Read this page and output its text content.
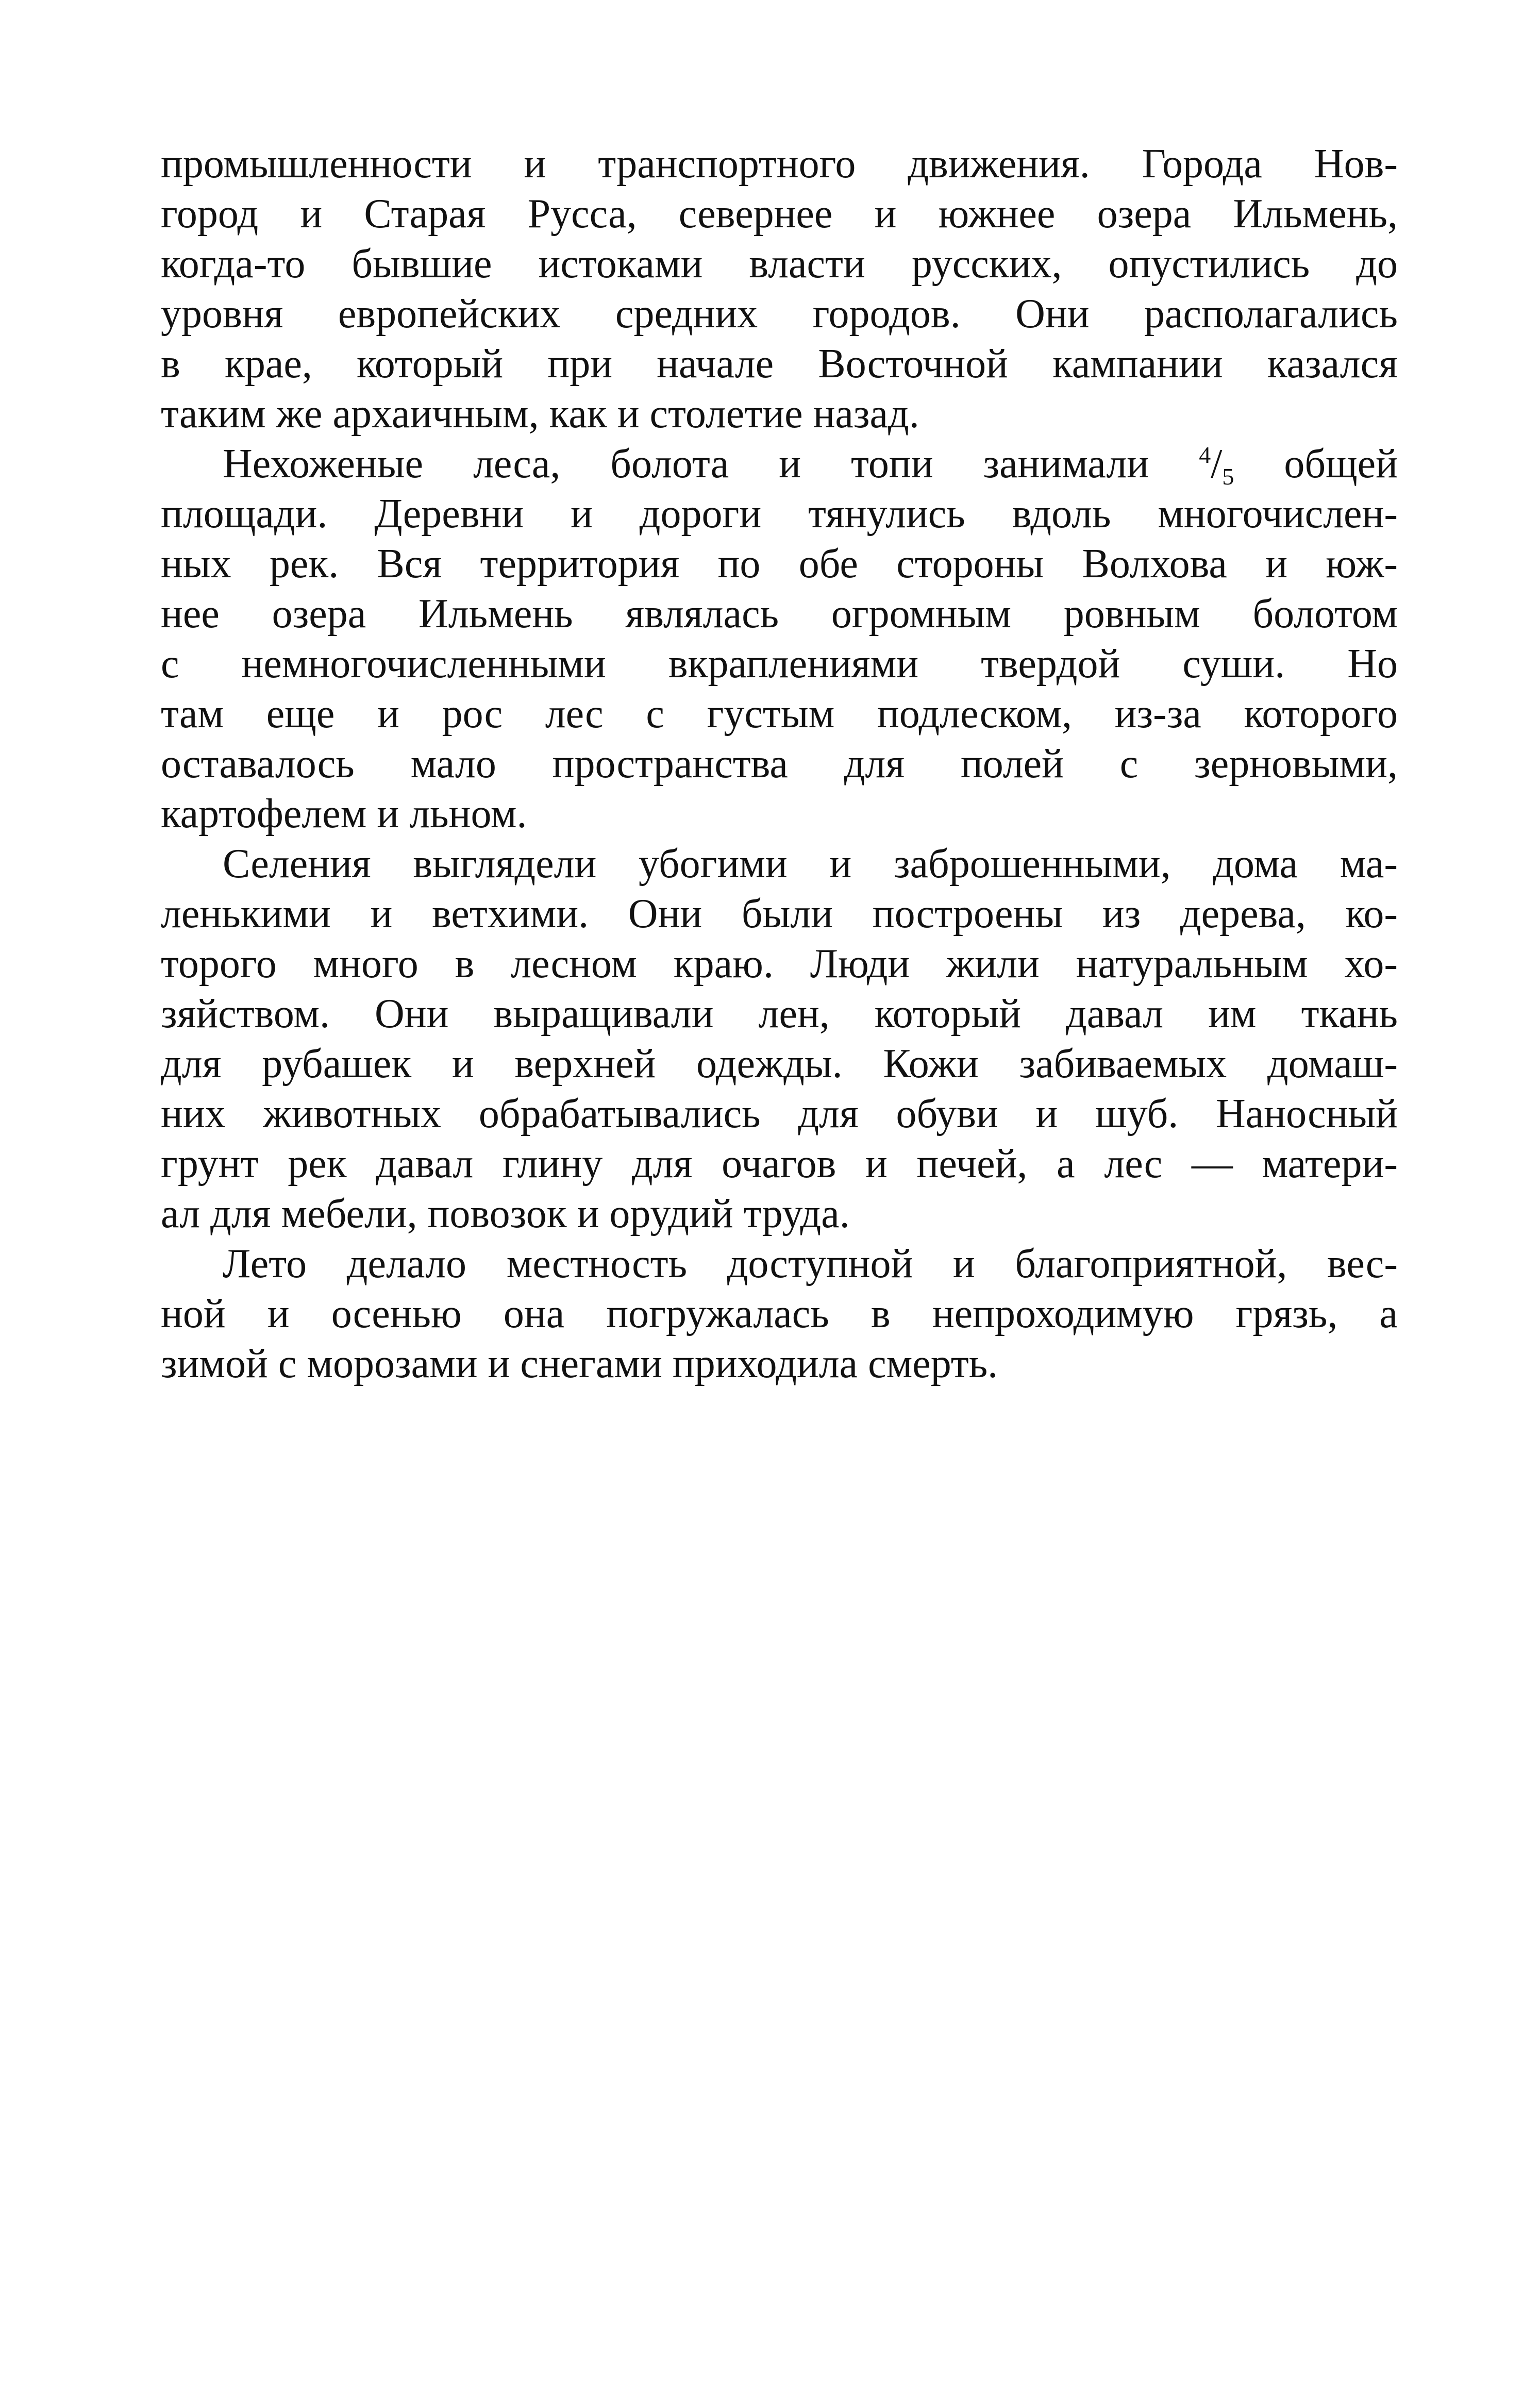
промышленности и транспортного движения. Города Нов-
город и Старая Русса, севернее и южнее озера Ильмень,
когда-то бывшие истоками власти русских, опустились до
уровня европейских средних городов. Они располагались
в крае, который при начале Восточной кампании казался
таким же архаичным, как и столетие назад.
Нехоженые леса, болота и топи занимали $^4/_5$ общей
площади. Деревни и дороги тянулись вдоль многочислен-
ных рек. Вся территория по обе стороны Волхова и юж-
нее озера Ильмень являлась огромным ровным болотом
с немногочисленными вкраплениями твердой суши. Но
там еще и рос лес с густым подлеском, из-за которого
оставалось мало пространства для полей с зерновыми,
картофелем и льном.
Селения выглядели убогими и заброшенными, дома ма-
ленькими и ветхими. Они были построены из дерева, ко-
торого много в лесном краю. Люди жили натуральным хо-
зяйством. Они выращивали лен, который давал им ткань
для рубашек и верхней одежды. Кожи забиваемых домаш-
них животных обрабатывались для обуви и шуб. Наносный
грунт рек давал глину для очагов и печей, а лес — матери-
ал для мебели, повозок и орудий труда.
Лето делало местность доступной и благоприятной, вес-
ной и осенью она погружалась в непроходимую грязь, а
зимой с морозами и снегами приходила смерть.
